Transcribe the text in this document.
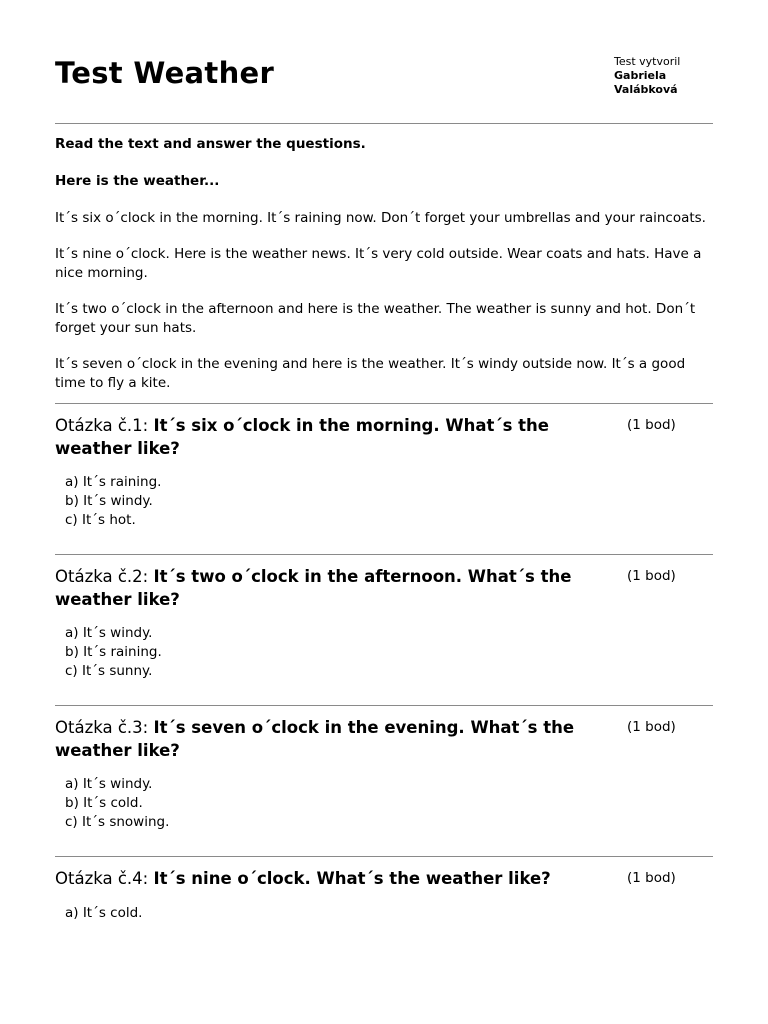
Test Weather	Test vytvoril
Gabriela
Valábková

Read the text and answer the questions.

Here is the weather...

It´s six o´clock in the morning. It´s raining now. Don´t forget your umbrellas and your raincoats.

It´s nine o´clock. Here is the weather news. It´s very cold outside. Wear coats and hats. Have a nice morning.

It´s two o´clock in the afternoon and here is the weather. The weather is sunny and hot. Don´t forget your sun hats.

It´s seven o´clock in the evening and here is the weather. It´s windy outside now. It´s a good time to fly a kite.

Otázka č.1: It´s six o´clock in the morning. What´s the weather like?
(1 bod)
a) It´s raining.
b) It´s windy.
c) It´s hot.
Otázka č.2: It´s two o´clock in the afternoon. What´s the weather like?
(1 bod)
a) It´s windy.
b) It´s raining.
c) It´s sunny.
Otázka č.3: It´s seven o´clock in the evening. What´s the weather like?
(1 bod)
a) It´s windy.
b) It´s cold.
c) It´s snowing.
Otázka č.4: It´s nine o´clock. What´s the weather like?	(1 bod)
a) It´s cold.
